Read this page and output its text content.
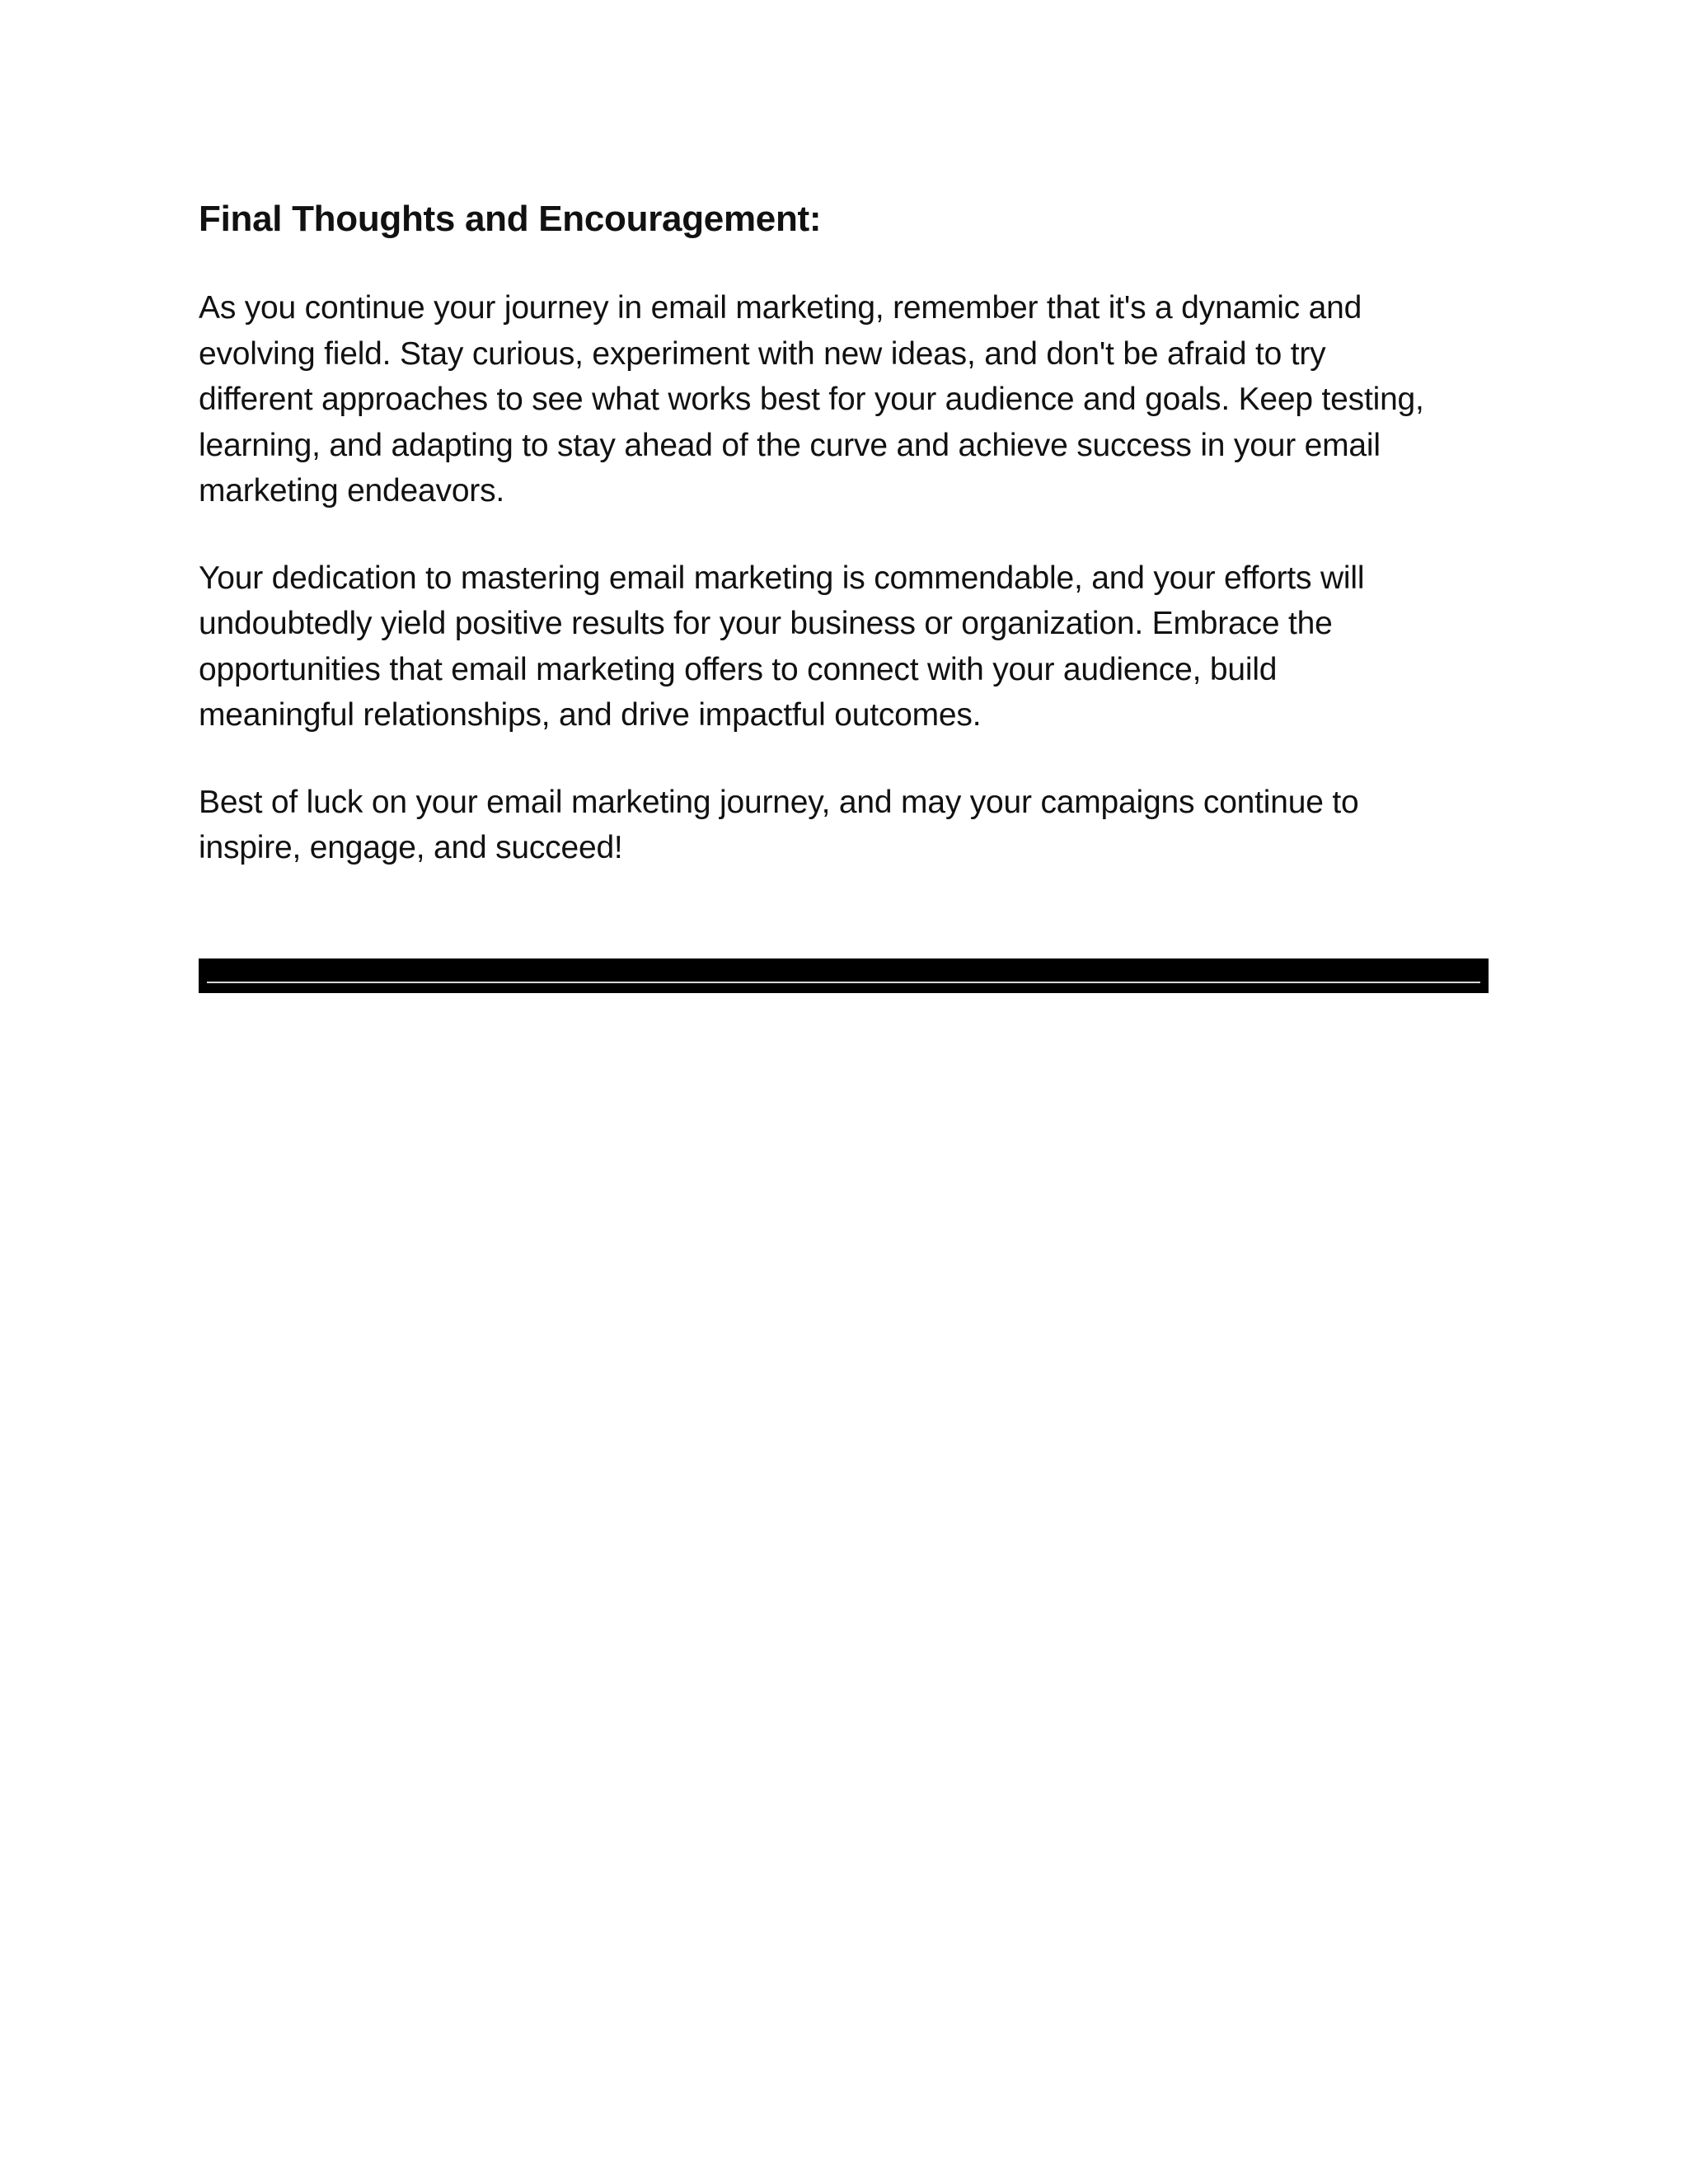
Final Thoughts and Encouragement:

As you continue your journey in email marketing, remember that it's a dynamic and
evolving field. Stay curious, experiment with new ideas, and don't be afraid to try
different approaches to see what works best for your audience and goals. Keep testing,
learning, and adapting to stay ahead of the curve and achieve success in your email
marketing endeavors.

Your dedication to mastering email marketing is commendable, and your efforts will
undoubtedly yield positive results for your business or organization. Embrace the
opportunities that email marketing offers to connect with your audience, build
meaningful relationships, and drive impactful outcomes.

Best of luck on your email marketing journey, and may your campaigns continue to
inspire, engage, and succeed!
